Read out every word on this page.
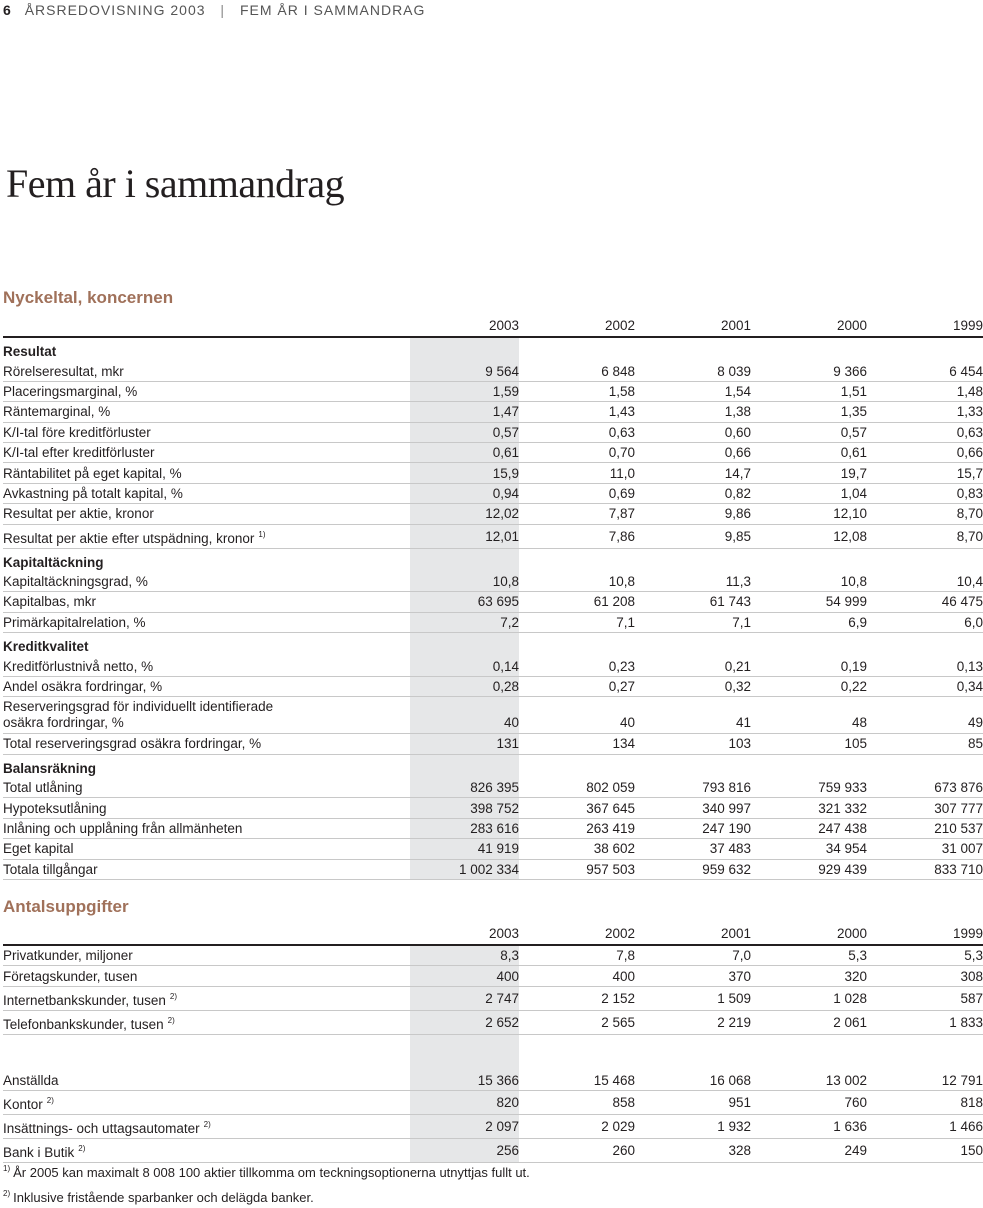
6 ÅRSREDOVISNING 2003 | FEM ÅR I SAMMANDRAG
Fem år i sammandrag
Nyckeltal, koncernen
	2003		2002		2001		2000		1999
Resultat									
Rörelseresultat, mkr	9 564		6 848		8 039		9 366		6 454
Placeringsmarginal, %	1,59		1,58		1,54		1,51		1,48
Räntemarginal, %	1,47		1,43		1,38		1,35		1,33
K/I-tal före kreditförluster	0,57		0,63		0,60		0,57		0,63
K/I-tal efter kreditförluster	0,61		0,70		0,66		0,61		0,66
Räntabilitet på eget kapital, %	15,9		11,0		14,7		19,7		15,7
Avkastning på totalt kapital, %	0,94		0,69		0,82		1,04		0,83
Resultat per aktie, kronor	12,02		7,87		9,86		12,10		8,70
Resultat per aktie efter utspädning, kronor $^{1)}$	12,01		7,86		9,85		12,08		8,70
Kapitaltäckning									
Kapitaltäckningsgrad, %	10,8		10,8		11,3		10,8		10,4
Kapitalbas, mkr	63 695		61 208		61 743		54 999		46 475
Primärkapitalrelation, %	7,2		7,1		7,1		6,9		6,0
Kreditkvalitet									
Kreditförlustnivå netto, %	0,14		0,23		0,21		0,19		0,13
Andel osäkra fordringar, %	0,28		0,27		0,32		0,22		0,34
Reserveringsgrad för individuellt identifierade
osäkra fordringar, %	40		40		41		48		49
Total reserveringsgrad osäkra fordringar, %	131		134		103		105		85
Balansräkning									
Total utlåning	826 395		802 059		793 816		759 933		673 876
Hypoteksutlåning	398 752		367 645		340 997		321 332		307 777
Inlåning och upplåning från allmänheten	283 616		263 419		247 190		247 438		210 537
Eget kapital	41 919		38 602		37 483		34 954		31 007
Totala tillgångar	1 002 334		957 503		959 632		929 439		833 710
Antalsuppgifter
	2003		2002		2001		2000		1999
Privatkunder, miljoner	8,3		7,8		7,0		5,3		5,3
Företagskunder, tusen	400		400		370		320		308
Internetbankskunder, tusen $^{2)}$	2 747		2 152		1 509		1 028		587
Telefonbankskunder, tusen $^{2)}$	2 652		2 565		2 219		2 061		1 833

Anställda	15 366		15 468		16 068		13 002		12 791
Kontor $^{2)}$	820		858		951		760		818
Insättnings- och uttagsautomater $^{2)}$	2 097		2 029		1 932		1 636		1 466
Bank i Butik $^{2)}$	256		260		328		249		150
$^{1)}$ År 2005 kan maximalt 8 008 100 aktier tillkomma om teckningsoptionerna utnyttjas fullt ut.
$^{2)}$ Inklusive fristående sparbanker och delägda banker.
